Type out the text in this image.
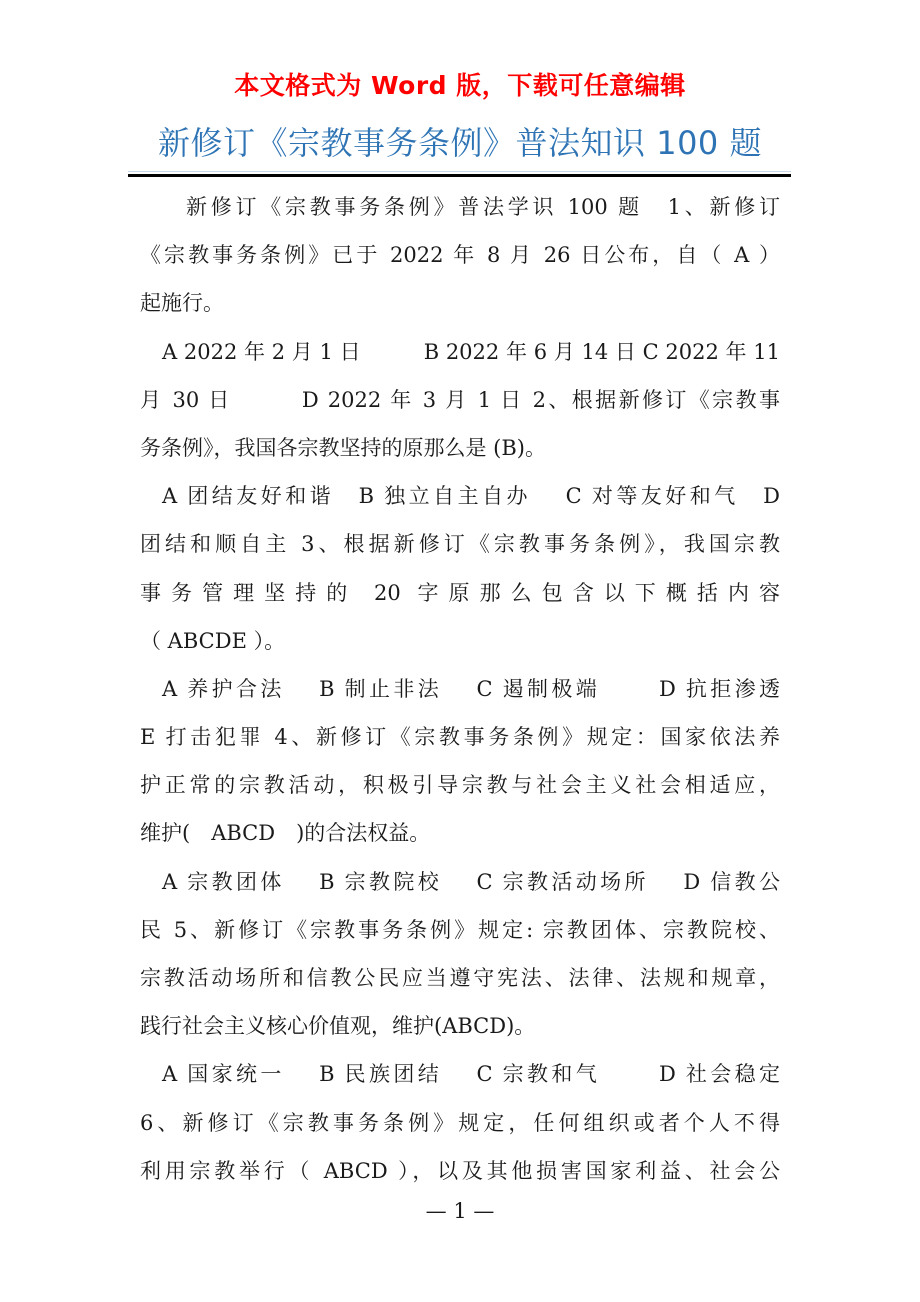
本文格式为 Word 版，下载可任意编辑
新修订《宗教事务条例》普法知识 100 题
新修订《宗教事务条例》普法学识 100 题　1、新修订
《宗教事务条例》已于 2022 年 8 月 26 日公布，自（ A ）
起施行。
A 2022 年 2 月 1 日　　　B 2022 年 6 月 14 日 C 2022 年 11
月 30 日　　　D 2022 年 3 月 1 日 2、根据新修订《宗教事
务条例》，我国各宗教坚持的原那么是 (B)。
A 团结友好和谐　B 独立自主自办　 C 对等友好和气　D
团结和顺自主 3、根据新修订《宗教事务条例》，我国宗教
事务管理坚持的 20 字原那么包含以下概括内容
（ ABCDE ）。
A 养护合法　 B 制止非法　 C 遏制极端　　 D 抗拒渗透
E 打击犯罪 4、新修订《宗教事务条例》规定：国家依法养
护正常的宗教活动，积极引导宗教与社会主义社会相适应，
维护(　ABCD　)的合法权益。
A 宗教团体　 B 宗教院校　 C 宗教活动场所　 D 信教公
民 5、新修订《宗教事务条例》规定: 宗教团体、宗教院校、
宗教活动场所和信教公民应当遵守宪法、法律、法规和规章，
践行社会主义核心价值观，维护(ABCD)。
A 国家统一　 B 民族团结　 C 宗教和气　　 D 社会稳定
6、新修订《宗教事务条例》规定，任何组织或者个人不得
利用宗教举行（ ABCD ），以及其他损害国家利益、社会公
— 1 —
